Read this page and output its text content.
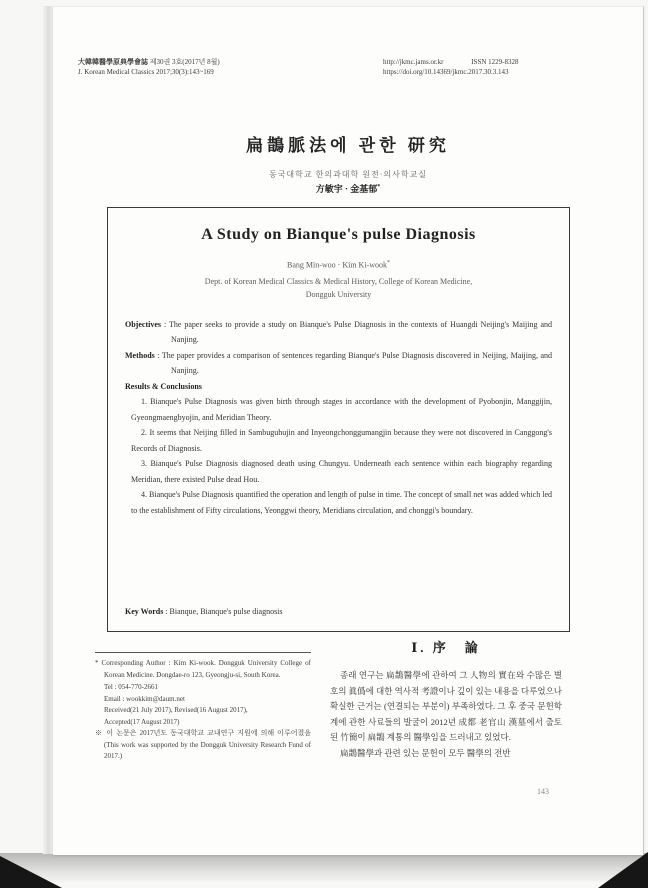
大韓韓醫學原典學會誌 제30권 3호(2017년 8월)
J. Korean Medical Classics 2017;30(3):143~169
http://jkmc.jams.or.kr	ISSN 1229-8328
https://doi.org/10.14369/jkmc.2017.30.3.143
扁鵲脈法에 관한 研究
동국대학교 한의과대학 원전·의사학교실
方敏宇 · 金基郁*
A Study on Bianque's pulse Diagnosis
Bang Min-woo · Kim Ki-wook*
Dept. of Korean Medical Classics & Medical History, College of Korean Medicine,
Dongguk University

Objectives : The paper seeks to provide a study on Bianque's Pulse Diagnosis in the contexts of Huangdi Neijing's Maijing and Nanjing.

Methods : The paper provides a comparison of sentences regarding Bianque's Pulse Diagnosis discovered in Neijing, Maijing, and Nanjing.

Results & Conclusions

1. Bianque's Pulse Diagnosis was given birth through stages in accordance with the development of Pyobonjin, Manggijin, Gyeongmaengbyojin, and Meridian Theory.

2. It seems that Neijing filled in Sambuguhujin and Inyeongchonggumangjin because they were not discovered in Canggong's Records of Diagnosis.

3. Bianque's Pulse Diagnosis diagnosed death using Chungyu. Underneath each sentence within each biography regarding Meridian, there existed Pulse dead Hou.

4. Bianque's Pulse Diagnosis quantified the operation and length of pulse in time. The concept of small net was added which led to the establishment of Fifty circulations, Yeonggwi theory, Meridians circulation, and chonggi's boundary.

Key Words : Bianque, Bianque's pulse diagnosis

* Corresponding Author : Kim Ki-wook. Dongguk University College of Korean Medicine. Dongdae-ro 123, Gyeongju-si, South Korea.

Tel : 054-770-2661

Email : wookkim@daum.net

Received(21 July 2017), Revised(16 August 2017),

Accepted(17 August 2017)

※ 이 논문은 2017년도 동국대학교 교내연구 지원에 의해 이루어졌음(This work was supported by the Dongguk University Research Fund of 2017.)

Ⅰ. 序　論

종래 연구는 扁鵲醫學에 관하여 그 人物의 實在와 수많은 별호의 眞僞에 대한 역사적 考證이나 깊이 있는 내용을 다루었으나 확실한 근거는 (연결되는 부분이) 부족하였다. 그 후 중국 문헌학계에 관한 사료들의 발굴이 2012년 成都 老官山 漢墓에서 출토된 竹簡이 扁鵲 계통의 醫學임을 드러내고 있었다.

扁鵲醫學과 관련 있는 문헌이 모두 醫學의 전반

143
